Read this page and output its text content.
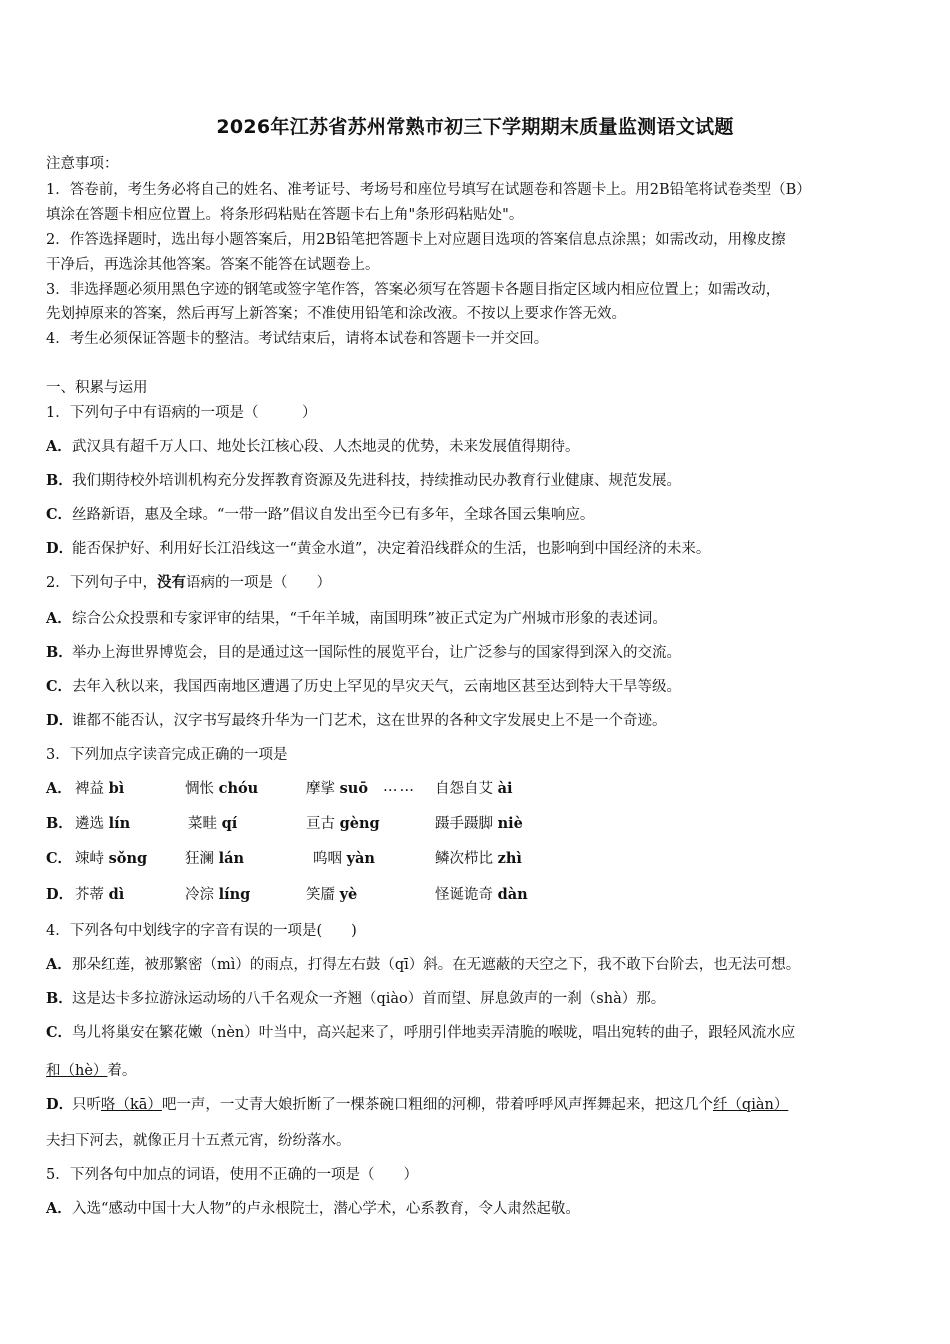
2026年江苏省苏州常熟市初三下学期期末质量监测语文试题
注意事项：
1．答卷前，考生务必将自己的姓名、准考证号、考场号和座位号填写在试题卷和答题卡上。用2B铅笔将试卷类型（B）
填涂在答题卡相应位置上。将条形码粘贴在答题卡右上角"条形码粘贴处"。
2．作答选择题时，选出每小题答案后，用2B铅笔把答题卡上对应题目选项的答案信息点涂黑；如需改动，用橡皮擦
干净后，再选涂其他答案。答案不能答在试题卷上。
3．非选择题必须用黑色字迹的钢笔或签字笔作答，答案必须写在答题卡各题目指定区域内相应位置上；如需改动，
先划掉原来的答案，然后再写上新答案；不准使用铅笔和涂改液。不按以上要求作答无效。
4．考生必须保证答题卡的整洁。考试结束后，请将本试卷和答题卡一并交回。
一、积累与运用
1．下列句子中有语病的一项是（　　　）
A．武汉具有超千万人口、地处长江核心段、人杰地灵的优势，未来发展值得期待。
B．我们期待校外培训机构充分发挥教育资源及先进科技，持续推动民办教育行业健康、规范发展。
C．丝路新语，惠及全球。“一带一路”倡议自发出至今已有多年，全球各国云集响应。
D．能否保护好、利用好长江沿线这一“黄金水道”，决定着沿线群众的生活，也影响到中国经济的未来。
2．下列句子中，没有语病的一项是（　　）
A．综合公众投票和专家评审的结果，“千年羊城，南国明珠”被正式定为广州城市形象的表述词。
B．举办上海世界博览会，目的是通过这一国际性的展览平台，让广泛参与的国家得到深入的交流。
C．去年入秋以来，我国西南地区遭遇了历史上罕见的旱灾天气，云南地区甚至达到特大干旱等级。
D．谁都不能否认，汉字书写最终升华为一门艺术，这在世界的各种文字发展史上不是一个奇迹。
3．下列加点字读音完成正确的一项是
A． 裨益 bì	惆怅 chóu	摩挲 suō …… 自怨自艾 ài
B． 遴选 lín	菜畦 qí	亘古 gèng	蹑手蹑脚 niè
C． 竦峙 sǒng	狂澜 lán	呜咽 yàn	鳞次栉比 zhì
D． 芥蒂 dì	冷淙 líng	笑靥 yè	怪诞诡奇 dàn
4．下列各句中划线字的字音有误的一项是(　　)
A．那朵红莲，被那繁密（mì）的雨点，打得左右鼓（qī）斜。在无遮蔽的天空之下，我不敢下台阶去，也无法可想。
B．这是达卡多拉游泳运动场的八千名观众一齐翘（qiào）首而望、屏息敛声的一刹（shà）那。
C．鸟儿将巢安在繁花嫩（nèn）叶当中，高兴起来了，呼朋引伴地卖弄清脆的喉咙，唱出宛转的曲子，跟轻风流水应
和（hè）着。
D．只听咯（kā）吧一声，一丈青大娘折断了一棵茶碗口粗细的河柳，带着呼呼风声挥舞起来，把这几个纤（qiàn）
夫扫下河去，就像正月十五煮元宵，纷纷落水。
5．下列各句中加点的词语，使用不正确的一项是（　　）
A．入选“感动中国十大人物”的卢永根院士，潜心学术，心系教育，令人肃然起敬。
